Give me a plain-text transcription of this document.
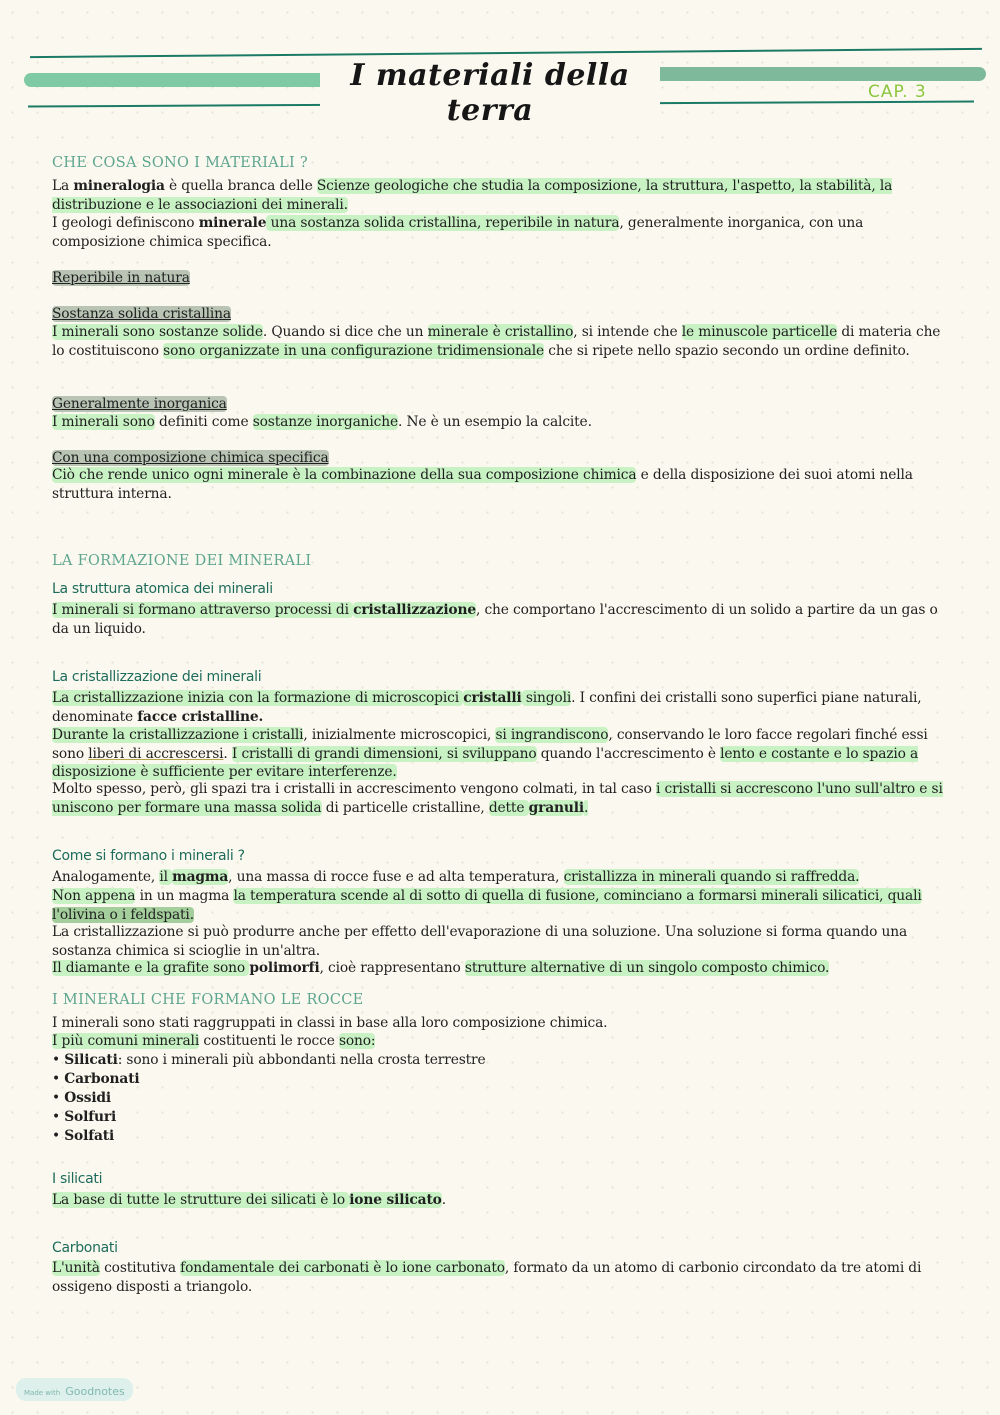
I materiali della terra
CAP. 3
CHE COSA SONO I MATERIALI ?
La mineralogia è quella branca delle Scienze geologiche che studia la composizione, la struttura, l'aspetto, la stabilità, la distribuzione e le associazioni dei minerali.
I geologi definiscono minerale una sostanza solida cristallina, reperibile in natura, generalmente inorganica, con una composizione chimica specifica.
Reperibile in natura
Sostanza solida cristallina
I minerali sono sostanze solide. Quando si dice che un minerale è cristallino, si intende che le minuscole particelle di materia che lo costituiscono sono organizzate in una configurazione tridimensionale che si ripete nello spazio secondo un ordine definito.
Generalmente inorganica
I minerali sono definiti come sostanze inorganiche. Ne è un esempio la calcite.
Con una composizione chimica specifica
Ciò che rende unico ogni minerale è la combinazione della sua composizione chimica e della disposizione dei suoi atomi nella struttura interna.
LA FORMAZIONE DEI MINERALI
La struttura atomica dei minerali
I minerali si formano attraverso processi di cristallizzazione, che comportano l'accrescimento di un solido a partire da un gas o da un liquido.
La cristallizzazione dei minerali
La cristallizzazione inizia con la formazione di microscopici cristalli singoli. I confini dei cristalli sono superfici piane naturali, denominate facce cristalline.
Durante la cristallizzazione i cristalli, inizialmente microscopici, si ingrandiscono, conservando le loro facce regolari finché essi sono liberi di accrescersi. I cristalli di grandi dimensioni, si sviluppano quando l'accrescimento è lento e costante e lo spazio a disposizione è sufficiente per evitare interferenze.
Molto spesso, però, gli spazi tra i cristalli in accrescimento vengono colmati, in tal caso i cristalli si accrescono l'uno sull'altro e si uniscono per formare una massa solida di particelle cristalline, dette granuli.
Come si formano i minerali ?
Analogamente, il magma, una massa di rocce fuse e ad alta temperatura, cristallizza in minerali quando si raffredda.
Non appena in un magma la temperatura scende al di sotto di quella di fusione, cominciano a formarsi minerali silicatici, quali l'olivina o i feldspati.
La cristallizzazione si può produrre anche per effetto dell'evaporazione di una soluzione. Una soluzione si forma quando una sostanza chimica si scioglie in un'altra.
Il diamante e la grafite sono polimorfi, cioè rappresentano strutture alternative di un singolo composto chimico.
I MINERALI CHE FORMANO LE ROCCE
I minerali sono stati raggruppati in classi in base alla loro composizione chimica.
I più comuni minerali costituenti le rocce sono:
• Silicati: sono i minerali più abbondanti nella crosta terrestre
• Carbonati
• Ossidi
• Solfuri
• Solfati
I silicati
La base di tutte le strutture dei silicati è lo ione silicato.
Carbonati
L'unità costitutiva fondamentale dei carbonati è lo ione carbonato, formato da un atomo di carbonio circondato da tre atomi di ossigeno disposti a triangolo.
Made with Goodnotes
